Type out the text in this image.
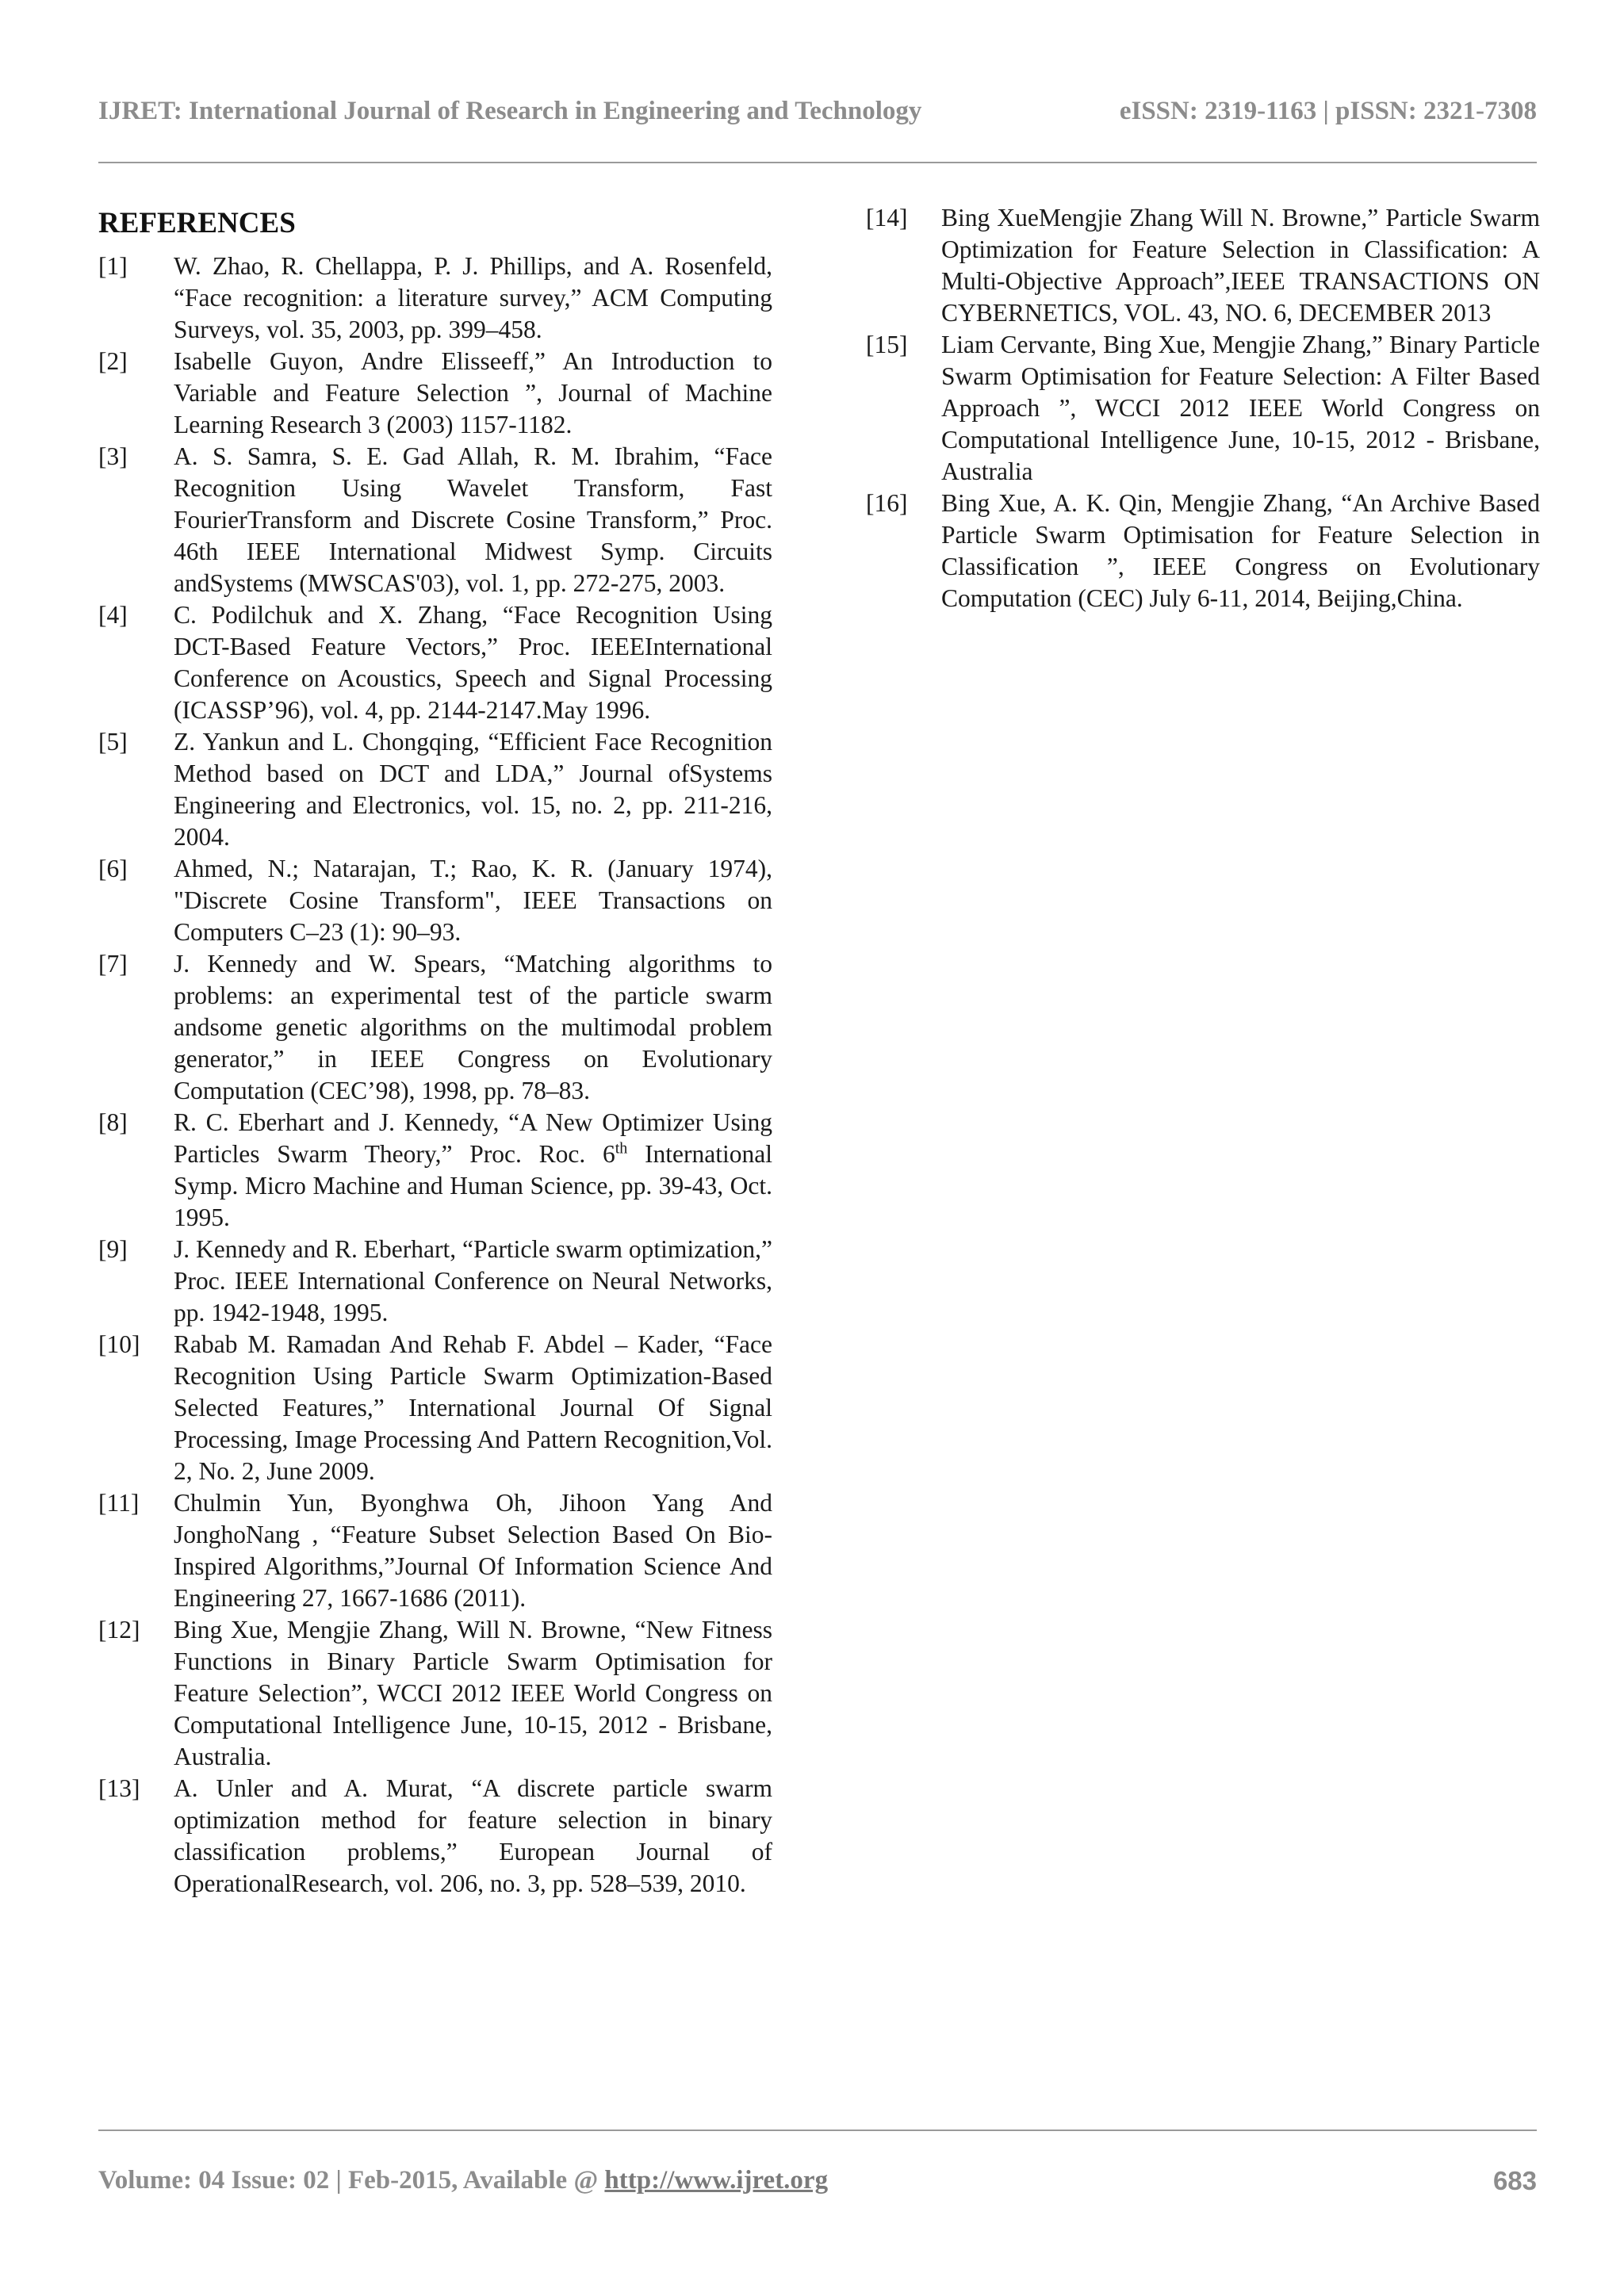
IJRET: International Journal of Research in Engineering and Technology	eISSN: 2319-1163 | pISSN: 2321-7308
REFERENCES
[1]	W. Zhao, R. Chellappa, P. J. Phillips, and A. Rosenfeld, “Face recognition: a literature survey,” ACM Computing Surveys, vol. 35, 2003, pp. 399–458.
[2]	Isabelle Guyon, Andre Elisseeff,” An Introduction to Variable and Feature Selection ”, Journal of Machine Learning Research 3 (2003) 1157-1182.
[3]	A. S. Samra, S. E. Gad Allah, R. M. Ibrahim, “Face Recognition Using Wavelet Transform, Fast FourierTransform and Discrete Cosine Transform,” Proc. 46th IEEE International Midwest Symp. Circuits andSystems (MWSCAS'03), vol. 1, pp. 272-275, 2003.
[4]	C. Podilchuk and X. Zhang, “Face Recognition Using DCT-Based Feature Vectors,” Proc. IEEEInternational Conference on Acoustics, Speech and Signal Processing (ICASSP’96), vol. 4, pp. 2144-2147.May 1996.
[5]	Z. Yankun and L. Chongqing, “Efficient Face Recognition Method based on DCT and LDA,” Journal ofSystems Engineering and Electronics, vol. 15, no. 2, pp. 211-216, 2004.
[6]	Ahmed, N.; Natarajan, T.; Rao, K. R. (January 1974), "Discrete Cosine Transform", IEEE Transactions on Computers C–23 (1): 90–93.
[7]	J. Kennedy and W. Spears, “Matching algorithms to problems: an experimental test of the particle swarm andsome genetic algorithms on the multimodal problem generator,” in IEEE Congress on Evolutionary Computation (CEC’98), 1998, pp. 78–83.
[8]	R. C. Eberhart and J. Kennedy, “A New Optimizer Using Particles Swarm Theory,” Proc. Roc. 6th International Symp. Micro Machine and Human Science, pp. 39-43, Oct. 1995.
[9]	J. Kennedy and R. Eberhart, “Particle swarm optimization,” Proc. IEEE International Conference on Neural Networks, pp. 1942-1948, 1995.
[10]	Rabab M. Ramadan And Rehab F. Abdel – Kader, “Face Recognition Using Particle Swarm Optimization-Based Selected Features,” International Journal Of Signal Processing, Image Processing And Pattern Recognition,Vol. 2, No. 2, June 2009.
[11]	Chulmin Yun, Byonghwa Oh, Jihoon Yang And JonghoNang , “Feature Subset Selection Based On Bio-Inspired Algorithms,”Journal Of Information Science And Engineering 27, 1667-1686 (2011).
[12]	Bing Xue, Mengjie Zhang, Will N. Browne, “New Fitness Functions in Binary Particle Swarm Optimisation for Feature Selection”, WCCI 2012 IEEE World Congress on Computational Intelligence June, 10-15, 2012 - Brisbane, Australia.
[13]	A. Unler and A. Murat, “A discrete particle swarm optimization method for feature selection in binary classification problems,” European Journal of OperationalResearch, vol. 206, no. 3, pp. 528–539, 2010.
[14]	Bing XueMengjie Zhang Will N. Browne,” Particle Swarm Optimization for Feature Selection in Classification: A Multi-Objective Approach”,IEEE TRANSACTIONS ON CYBERNETICS, VOL. 43, NO. 6, DECEMBER 2013
[15]	Liam Cervante, Bing Xue, Mengjie Zhang,” Binary Particle Swarm Optimisation for Feature Selection: A Filter Based Approach ”, WCCI 2012 IEEE World Congress on Computational Intelligence June, 10-15, 2012 - Brisbane, Australia
[16]	Bing Xue, A. K. Qin, Mengjie Zhang, “An Archive Based Particle Swarm Optimisation for Feature Selection in Classification ”, IEEE Congress on Evolutionary Computation (CEC) July 6-11, 2014, Beijing,China.
Volume: 04 Issue: 02 | Feb-2015, Available @ http://www.ijret.org	683
